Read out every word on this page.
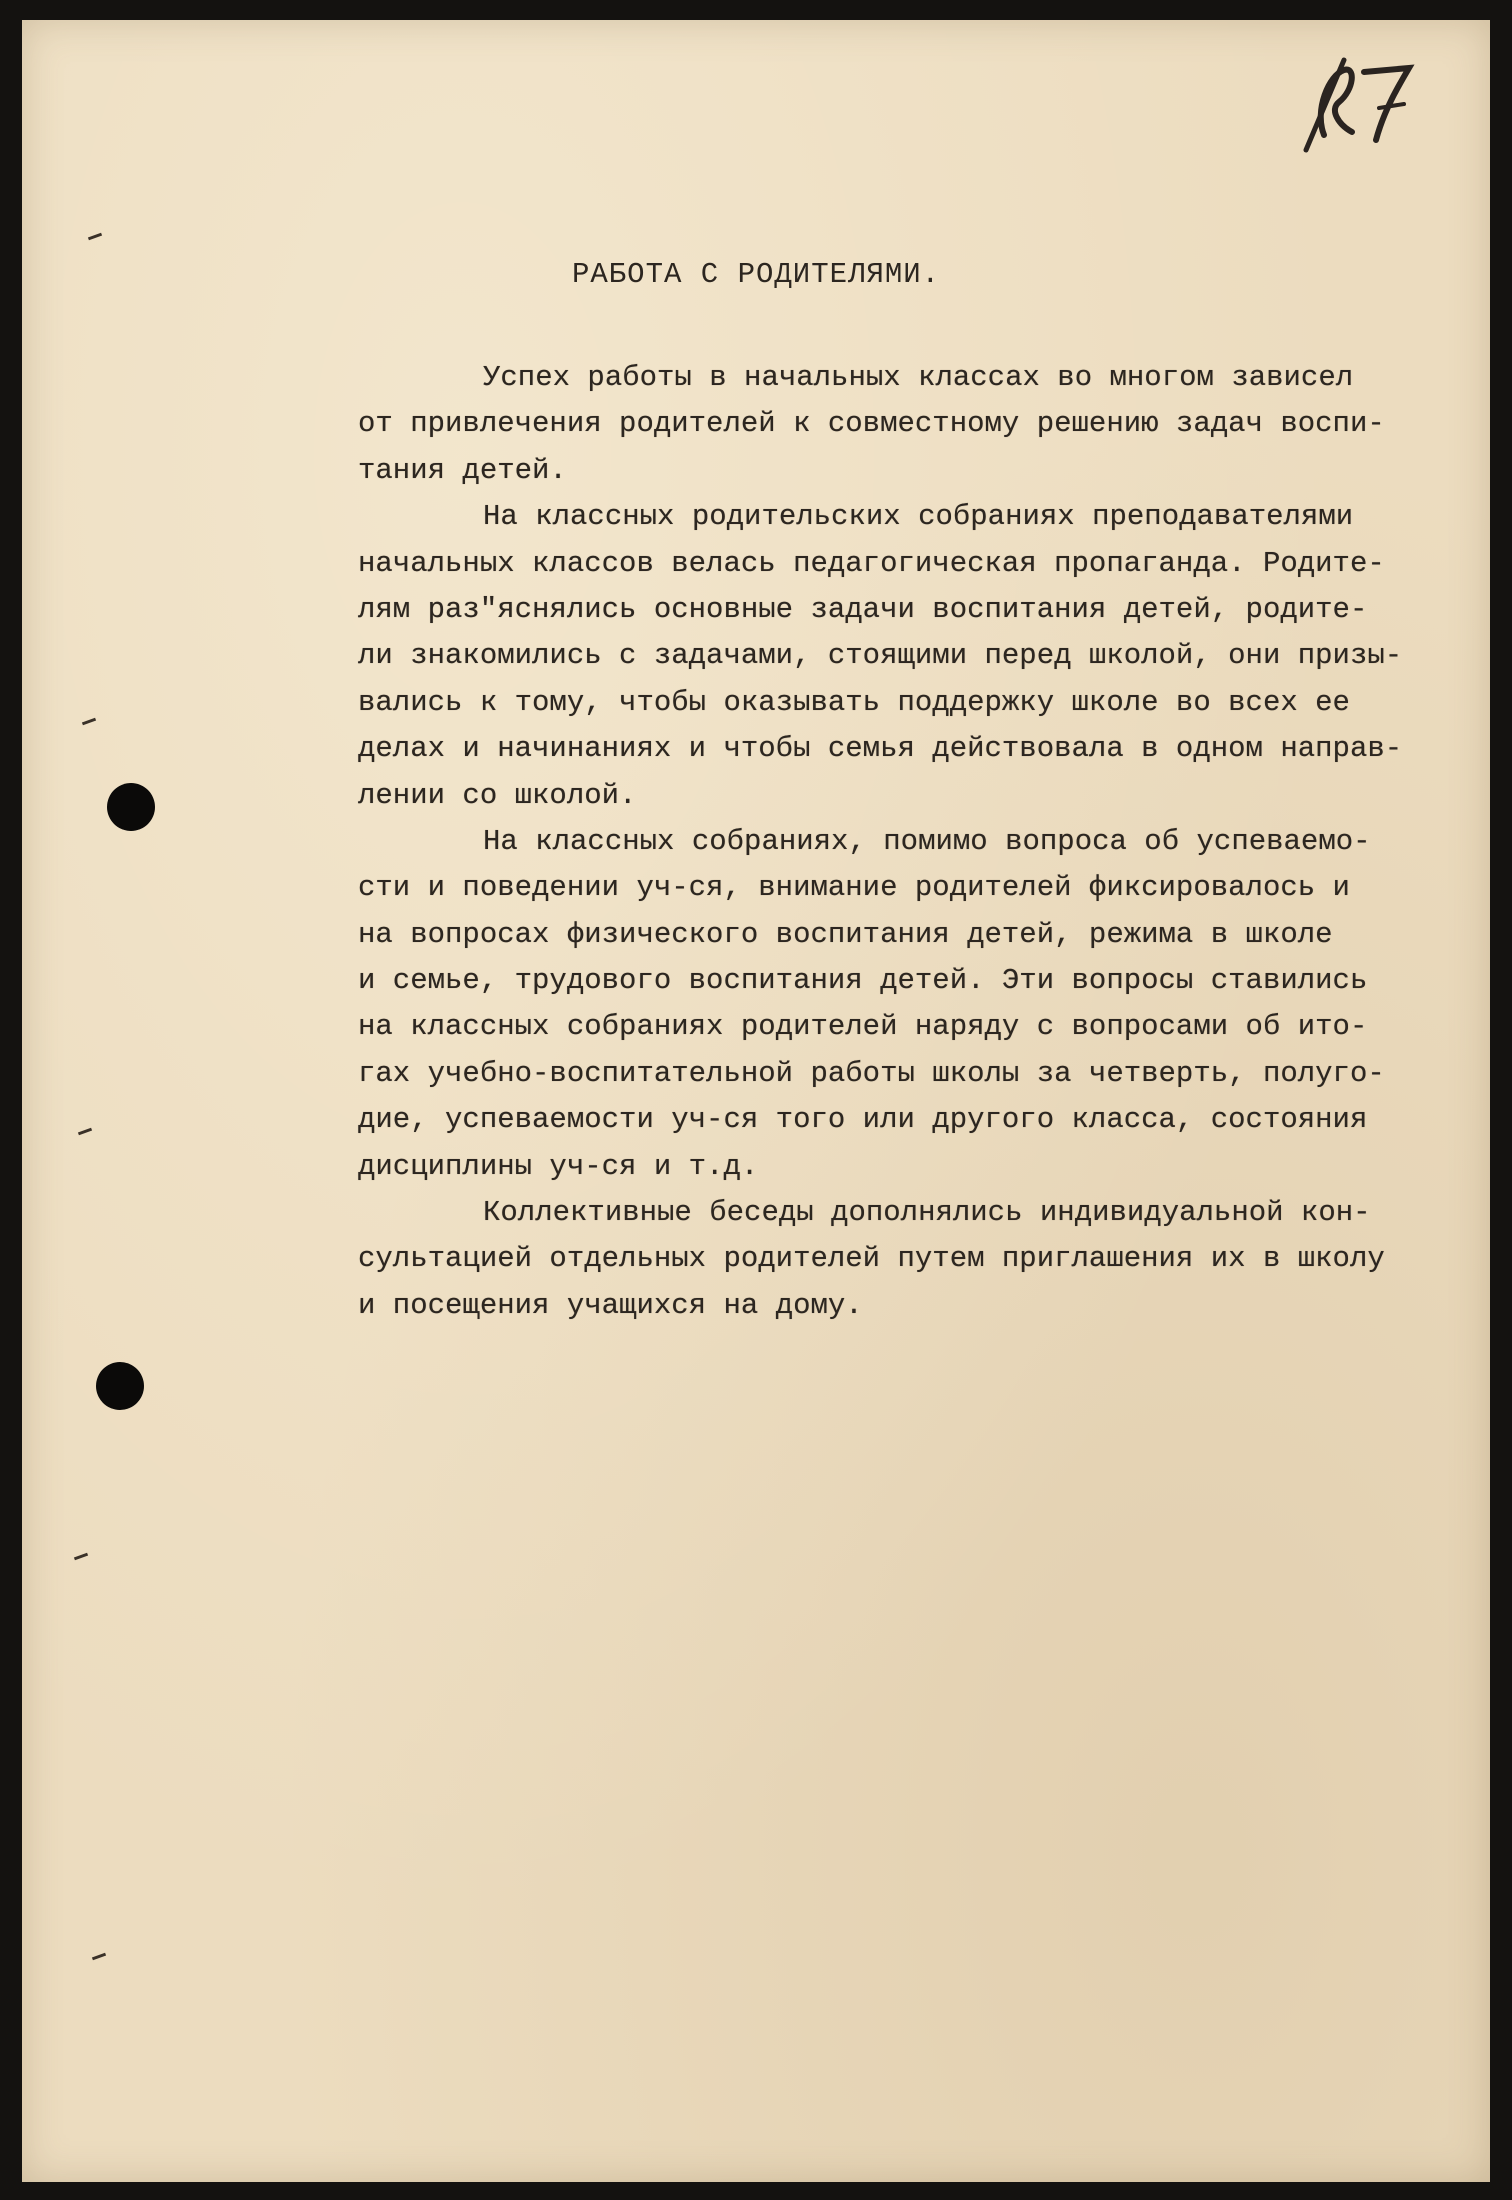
РАБОТА С РОДИТЕЛЯМИ.
Успех работы в начальных классах во многом зависел
от привлечения родителей к совместному решению задач воспи-
тания детей.
На классных родительских собраниях преподавателями
начальных классов велась педагогическая пропаганда. Родите-
лям раз"яснялись основные задачи воспитания детей, родите-
ли знакомились с задачами, стоящими перед школой, они призы-
вались к тому, чтобы оказывать поддержку школе во всех ее
делах и начинаниях и чтобы семья действовала в одном направ-
лении со школой.
На классных собраниях, помимо вопроса об успеваемо-
сти и поведении уч-ся, внимание родителей фиксировалось и
на вопросах физического воспитания детей, режима в школе
и семье, трудового воспитания детей. Эти вопросы ставились
на классных собраниях родителей наряду с вопросами об ито-
гах учебно-воспитательной работы школы за четверть, полуго-
дие, успеваемости уч-ся того или другого класса, состояния
дисциплины уч-ся и т.д.
Коллективные беседы дополнялись индивидуальной кон-
сультацией отдельных родителей путем приглашения их в школу
и посещения учащихся на дому.
